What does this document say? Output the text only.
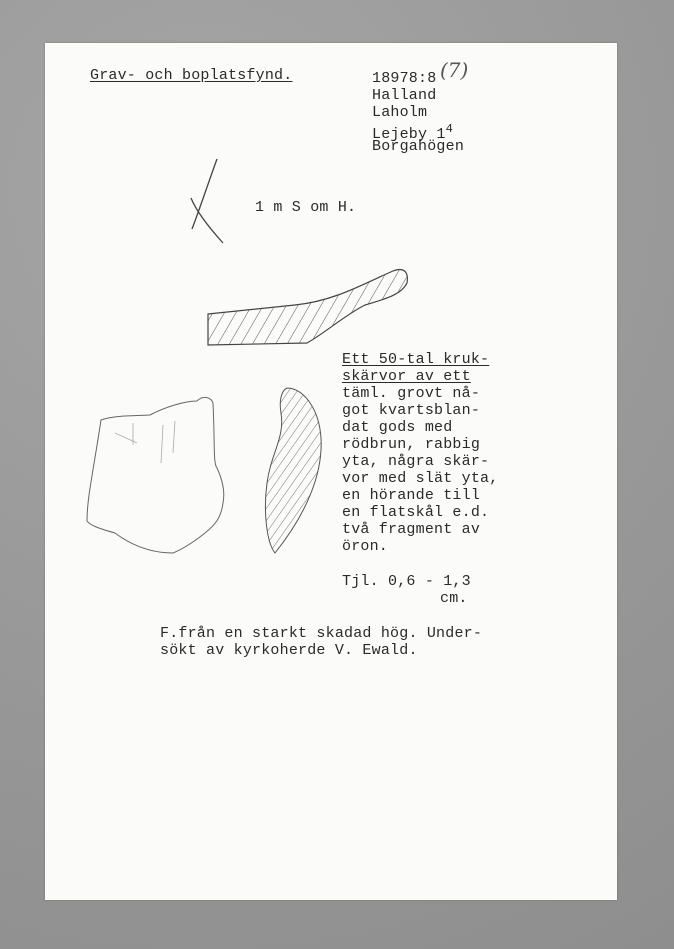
Grav- och boplatsfynd.	18978:8 (7)
Halland
Laholm
Lejeby $1^4$
Borgahögen
1 m S om H.
Ett 50-tal kruk-
skärvor av ett
täml. grovt nå-
got kvartsblan-
dat gods med
rödbrun, rabbig
yta, några skär-
vor med slät yta,
en hörande till
en flatskål e.d.
två fragment av
öron.
Tjl. 0,6 - 1,3
cm.
F.från en starkt skadad hög. Under-
sökt av kyrkoherde V. Ewald.
